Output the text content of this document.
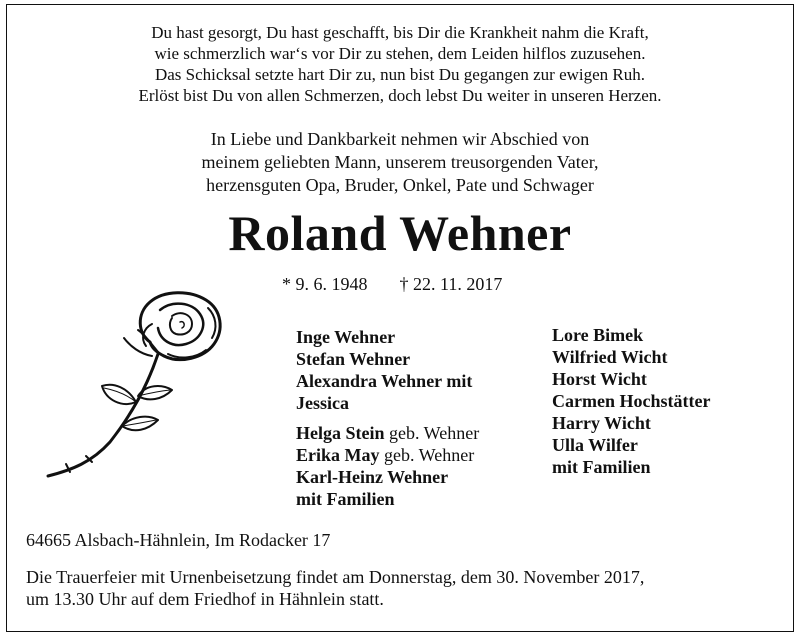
Du hast gesorgt, Du hast geschafft, bis Dir die Krankheit nahm die Kraft,
wie schmerzlich war‘s vor Dir zu stehen, dem Leiden hilflos zuzusehen.
Das Schicksal setzte hart Dir zu, nun bist Du gegangen zur ewigen Ruh.
Erlöst bist Du von allen Schmerzen, doch lebst Du weiter in unseren Herzen.
In Liebe und Dankbarkeit nehmen wir Abschied von
meinem geliebten Mann, unserem treusorgenden Vater,
herzensguten Opa, Bruder, Onkel, Pate und Schwager
Roland Wehner
* 9. 6. 1948 † 22. 11. 2017
Inge Wehner
Stefan Wehner
Alexandra Wehner mit
Jessica
Helga Stein geb. Wehner
Erika May geb. Wehner
Karl-Heinz Wehner
mit Familien
Lore Bimek
Wilfried Wicht
Horst Wicht
Carmen Hochstätter
Harry Wicht
Ulla Wilfer
mit Familien
64665 Alsbach-Hähnlein, Im Rodacker 17
Die Trauerfeier mit Urnenbeisetzung findet am Donnerstag, dem 30. November 2017,
um 13.30 Uhr auf dem Friedhof in Hähnlein statt.
